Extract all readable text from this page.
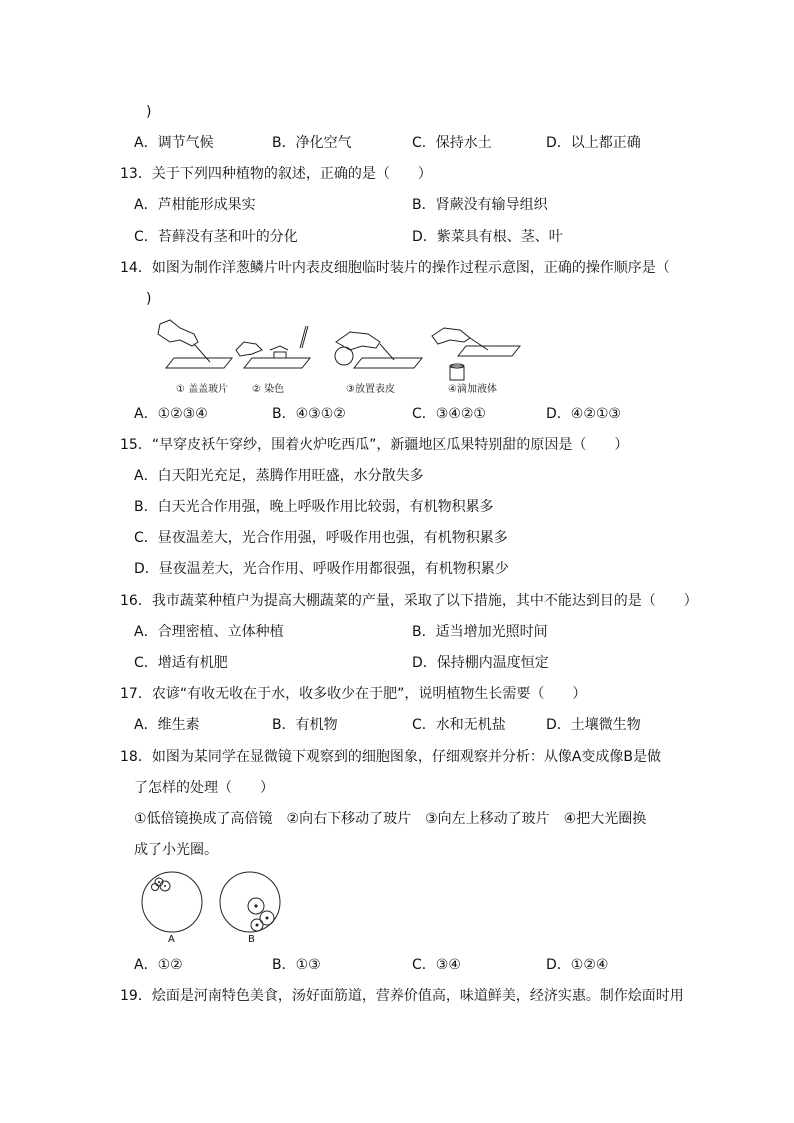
)
A．调节气候	B．净化空气	C．保持水土	D．以上都正确
13．关于下列四种植物的叙述，正确的是（　　）
A．芦柑能形成果实	B．肾蕨没有输导组织
C．苔藓没有茎和叶的分化	D．紫菜具有根、茎、叶
14．如图为制作洋葱鳞片叶内表皮细胞临时装片的操作过程示意图，正确的操作顺序是（
)
① 盖盖玻片 ② 染色	③放置表皮	④滴加液体
A．①②③④	B．④③①②	C．③④②①	D．④②①③
15．“早穿皮袄午穿纱，围着火炉吃西瓜”，新疆地区瓜果特别甜的原因是（　　）
A．白天阳光充足，蒸腾作用旺盛，水分散失多
B．白天光合作用强，晚上呼吸作用比较弱，有机物积累多
C．昼夜温差大，光合作用强，呼吸作用也强，有机物积累多
D．昼夜温差大，光合作用、呼吸作用都很强，有机物积累少
16．我市蔬菜种植户为提高大棚蔬菜的产量，采取了以下措施，其中不能达到目的是（　　）
A．合理密植、立体种植	B．适当增加光照时间
C．增适有机肥	D．保持棚内温度恒定
17．农谚“有收无收在于水，收多收少在于肥”，说明植物生长需要（　　）
A．维生素	B．有机物	C．水和无机盐	D．土壤微生物
18．如图为某同学在显微镜下观察到的细胞图象，仔细观察并分析：从像A变成像B是做
了怎样的处理（　　）
①低倍镜换成了高倍镜　②向右下移动了玻片　③向左上移动了玻片　④把大光圈换
成了小光圈。
A	B
A．①②	B．①③	C．③④	D．①②④
19．烩面是河南特色美食，汤好面筋道，营养价值高，味道鲜美，经济实惠。制作烩面时用
